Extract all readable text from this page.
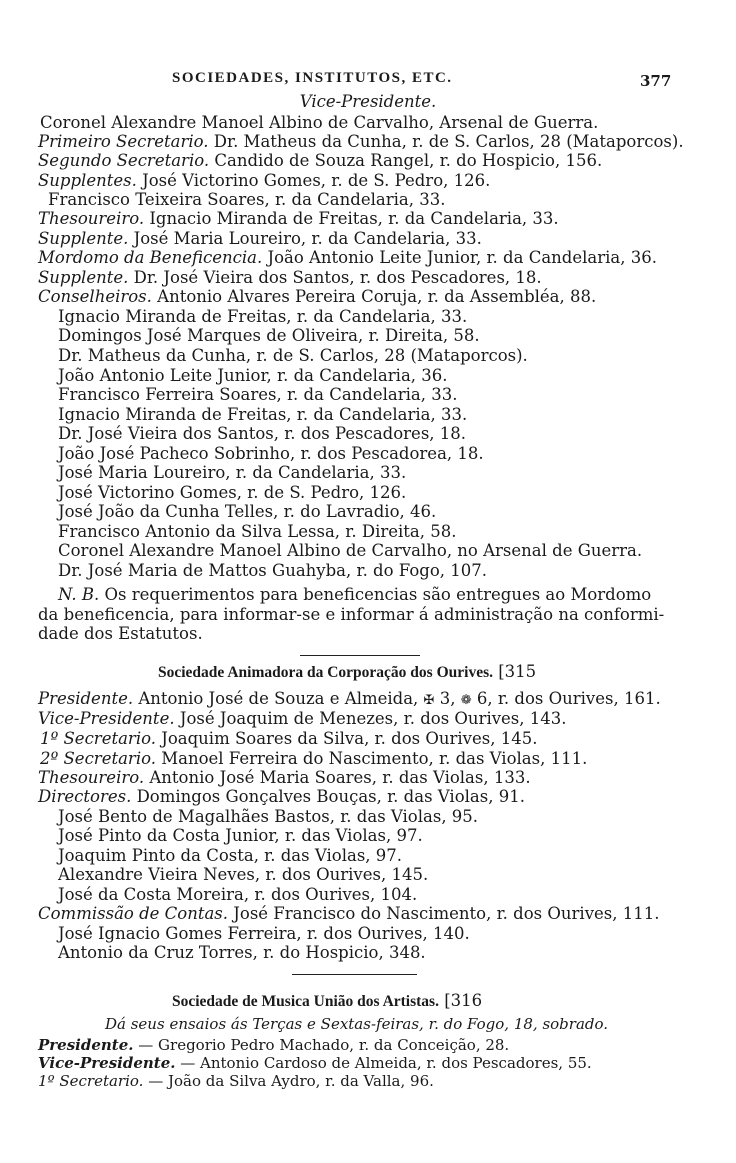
SOCIEDADES, INSTITUTOS, ETC.	377
Vice-Presidente.
Coronel Alexandre Manoel Albino de Carvalho, Arsenal de Guerra.
Primeiro Secretario. Dr. Matheus da Cunha, r. de S. Carlos, 28 (Mataporcos).
Segundo Secretario. Candido de Souza Rangel, r. do Hospicio, 156.
Supplentes. José Victorino Gomes, r. de S. Pedro, 126.
Francisco Teixeira Soares, r. da Candelaria, 33.
Thesoureiro. Ignacio Miranda de Freitas, r. da Candelaria, 33.
Supplente. José Maria Loureiro, r. da Candelaria, 33.
Mordomo da Beneficencia. João Antonio Leite Junior, r. da Candelaria, 36.
Supplente. Dr. José Vieira dos Santos, r. dos Pescadores, 18.
Conselheiros. Antonio Alvares Pereira Coruja, r. da Assembléa, 88.
Ignacio Miranda de Freitas, r. da Candelaria, 33.
Domingos José Marques de Oliveira, r. Direita, 58.
Dr. Matheus da Cunha, r. de S. Carlos, 28 (Mataporcos).
João Antonio Leite Junior, r. da Candelaria, 36.
Francisco Ferreira Soares, r. da Candelaria, 33.
Ignacio Miranda de Freitas, r. da Candelaria, 33.
Dr. José Vieira dos Santos, r. dos Pescadores, 18.
João José Pacheco Sobrinho, r. dos Pescadorea, 18.
José Maria Loureiro, r. da Candelaria, 33.
José Victorino Gomes, r. de S. Pedro, 126.
José João da Cunha Telles, r. do Lavradio, 46.
Francisco Antonio da Silva Lessa, r. Direita, 58.
Coronel Alexandre Manoel Albino de Carvalho, no Arsenal de Guerra.
Dr. José Maria de Mattos Guahyba, r. do Fogo, 107.
N. B. Os requerimentos para beneficencias são entregues ao Mordomo
da beneficencia, para informar-se e informar á administração na conformi-
dade dos Estatutos.
Sociedade Animadora da Corporação dos Ourives. [315
Presidente. Antonio José de Souza e Almeida, ✠ 3, ❁ 6, r. dos Ourives, 161.
Vice-Presidente. José Joaquim de Menezes, r. dos Ourives, 143.
1º Secretario. Joaquim Soares da Silva, r. dos Ourives, 145.
2º Secretario. Manoel Ferreira do Nascimento, r. das Violas, 111.
Thesoureiro. Antonio José Maria Soares, r. das Violas, 133.
Directores. Domingos Gonçalves Bouças, r. das Violas, 91.
José Bento de Magalhães Bastos, r. das Violas, 95.
José Pinto da Costa Junior, r. das Violas, 97.
Joaquim Pinto da Costa, r. das Violas, 97.
Alexandre Vieira Neves, r. dos Ourives, 145.
José da Costa Moreira, r. dos Ourives, 104.
Commissão de Contas. José Francisco do Nascimento, r. dos Ourives, 111.
José Ignacio Gomes Ferreira, r. dos Ourives, 140.
Antonio da Cruz Torres, r. do Hospicio, 348.
Sociedade de Musica União dos Artistas. [316
Dá seus ensaios ás Terças e Sextas-feiras, r. do Fogo, 18, sobrado.
Presidente. — Gregorio Pedro Machado, r. da Conceição, 28.
Vice-Presidente. — Antonio Cardoso de Almeida, r. dos Pescadores, 55.
1º Secretario. — João da Silva Aydro, r. da Valla, 96.
